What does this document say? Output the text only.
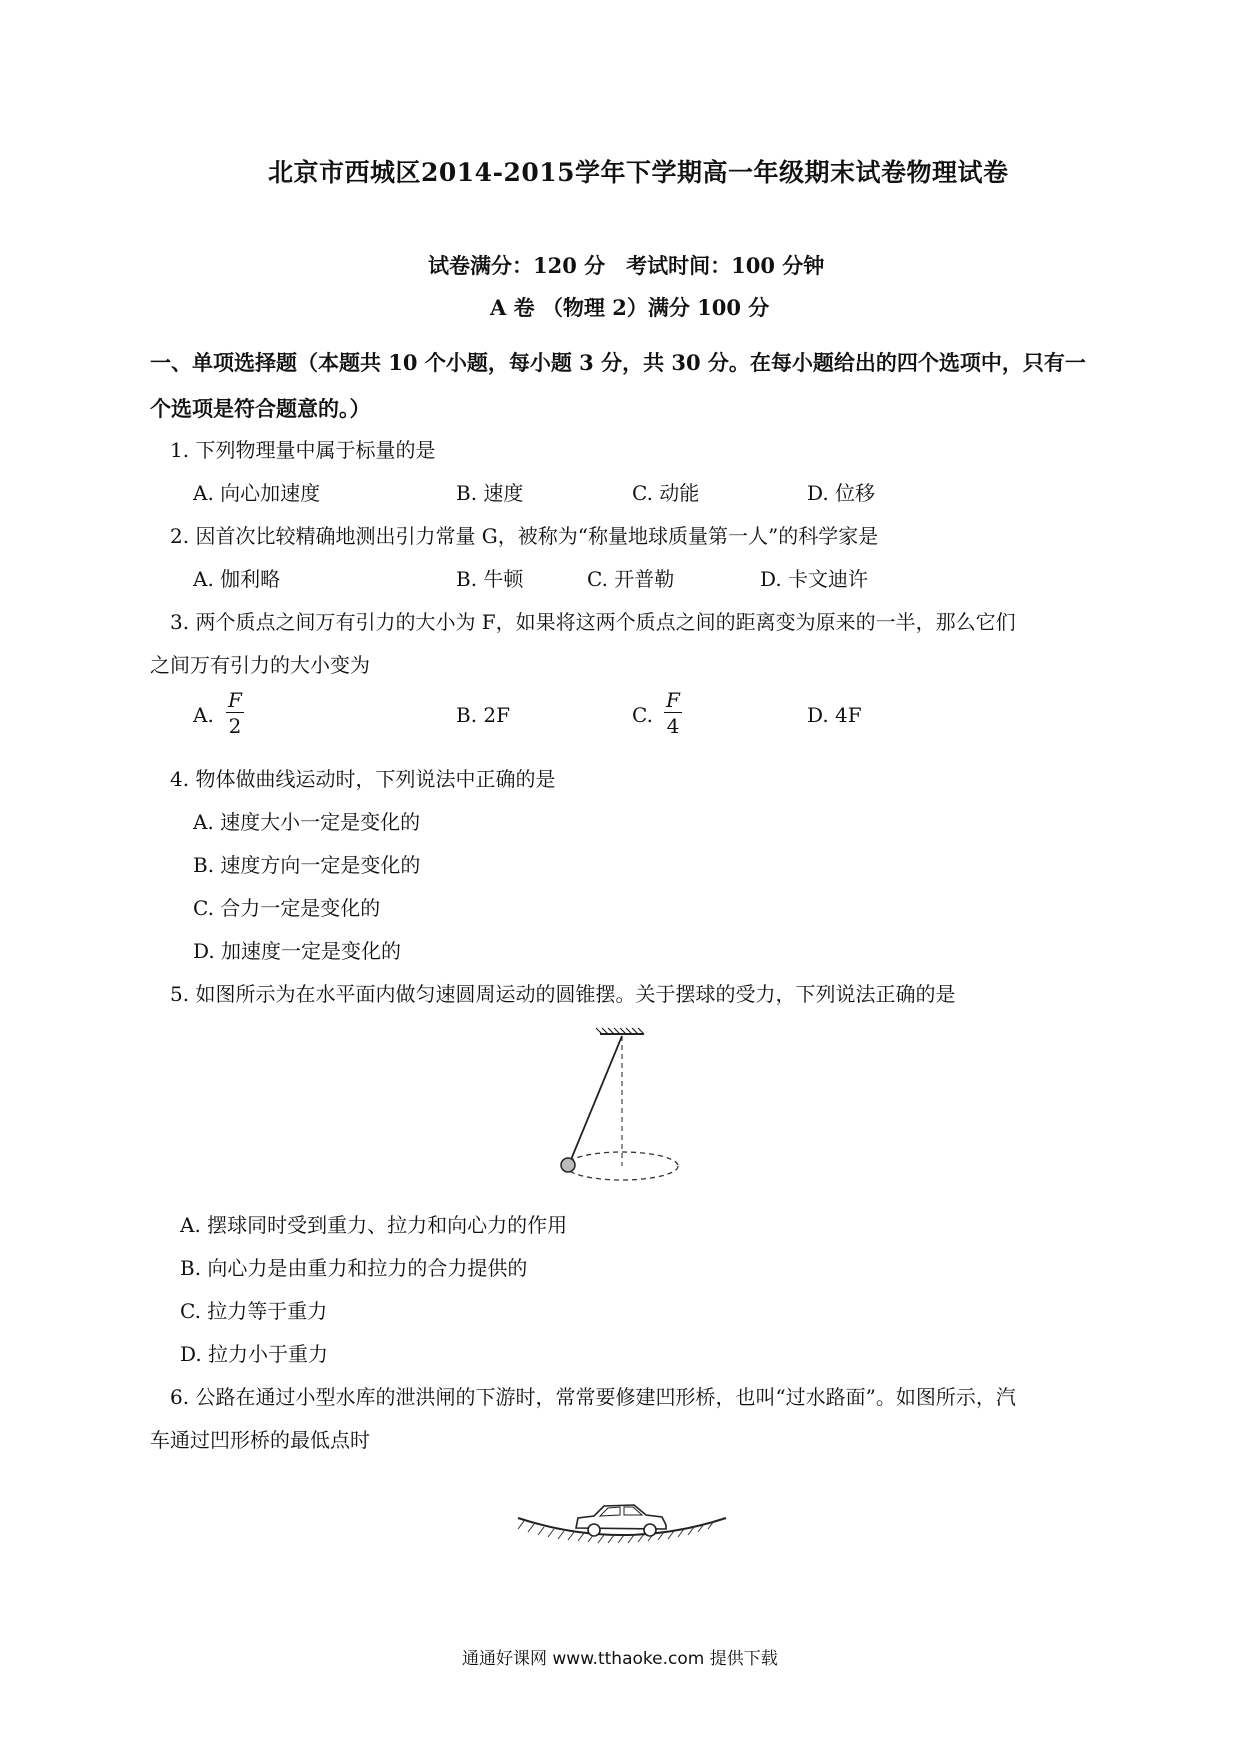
北京市西城区2014-2015学年下学期高一年级期末试卷物理试卷
试卷满分：120 分　考试时间：100 分钟
A 卷 （物理 2）满分 100 分
一、单项选择题（本题共 10 个小题，每小题 3 分，共 30 分。在每小题给出的四个选项中，只有一
个选项是符合题意的。）
1. 下列物理量中属于标量的是
A. 向心加速度	B. 速度	C. 动能	D. 位移
2. 因首次比较精确地测出引力常量 G，被称为“称量地球质量第一人”的科学家是
A. 伽利略	B. 牛顿	C. 开普勒	D. 卡文迪许
3. 两个质点之间万有引力的大小为 F，如果将这两个质点之间的距离变为原来的一半，那么它们
之间万有引力的大小变为
A. $\frac{F}{2}$	B. 2F	C. $\frac{F}{4}$	D. 4F
4. 物体做曲线运动时，下列说法中正确的是
A. 速度大小一定是变化的
B. 速度方向一定是变化的
C. 合力一定是变化的
D. 加速度一定是变化的
5. 如图所示为在水平面内做匀速圆周运动的圆锥摆。关于摆球的受力，下列说法正确的是
A. 摆球同时受到重力、拉力和向心力的作用
B. 向心力是由重力和拉力的合力提供的
C. 拉力等于重力
D. 拉力小于重力
6. 公路在通过小型水库的泄洪闸的下游时，常常要修建凹形桥，也叫“过水路面”。如图所示，汽
车通过凹形桥的最低点时
通通好课网 www.tthaoke.com 提供下载
